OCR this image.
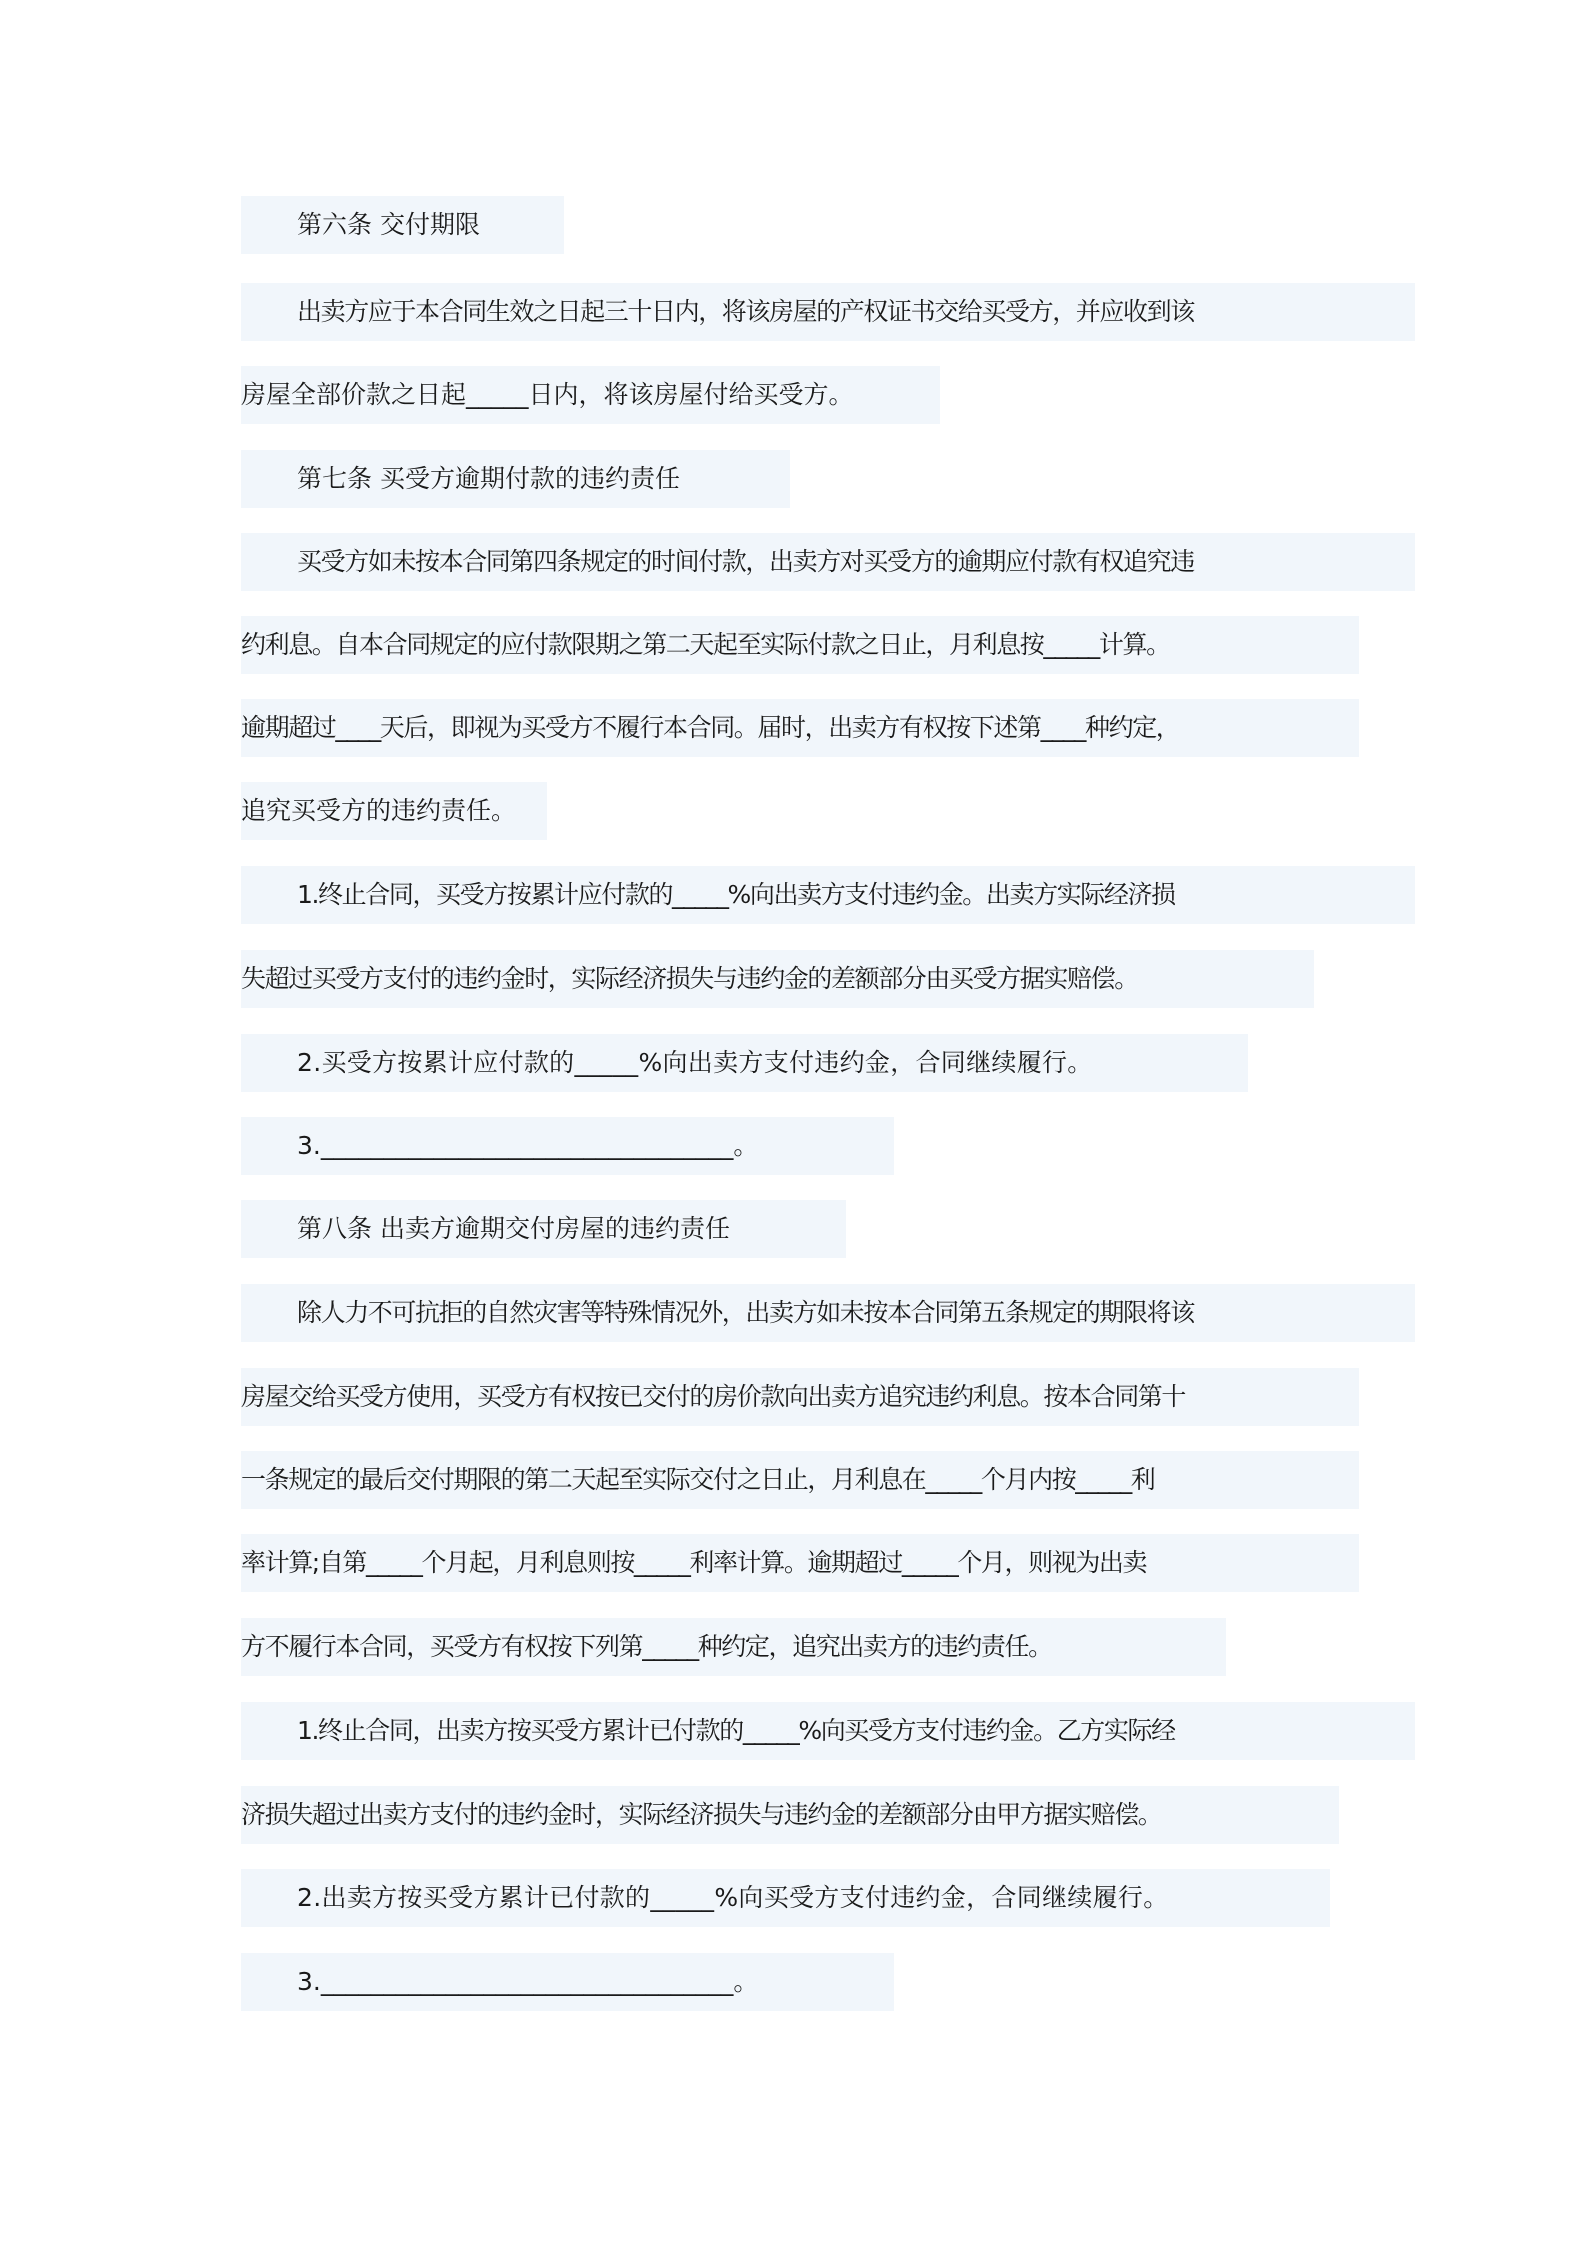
第六条 交付期限
出卖方应于本合同生效之日起三十日内，将该房屋的产权证书交给买受方，并应收到该
房屋全部价款之日起_____日内，将该房屋付给买受方。
第七条 买受方逾期付款的违约责任
买受方如未按本合同第四条规定的时间付款，出卖方对买受方的逾期应付款有权追究违
约利息。自本合同规定的应付款限期之第二天起至实际付款之日止，月利息按_____计算。
逾期超过____天后，即视为买受方不履行本合同。届时，出卖方有权按下述第____种约定，
追究买受方的违约责任。
1.终止合同，买受方按累计应付款的_____%向出卖方支付违约金。出卖方实际经济损
失超过买受方支付的违约金时，实际经济损失与违约金的差额部分由买受方据实赔偿。
2.买受方按累计应付款的_____%向出卖方支付违约金，合同继续履行。
3._________________________________。
第八条 出卖方逾期交付房屋的违约责任
除人力不可抗拒的自然灾害等特殊情况外，出卖方如未按本合同第五条规定的期限将该
房屋交给买受方使用，买受方有权按已交付的房价款向出卖方追究违约利息。按本合同第十
一条规定的最后交付期限的第二天起至实际交付之日止，月利息在_____个月内按_____利
率计算;自第_____个月起，月利息则按_____利率计算。逾期超过_____个月，则视为出卖
方不履行本合同，买受方有权按下列第_____种约定，追究出卖方的违约责任。
1.终止合同，出卖方按买受方累计已付款的_____%向买受方支付违约金。乙方实际经
济损失超过出卖方支付的违约金时，实际经济损失与违约金的差额部分由甲方据实赔偿。
2.出卖方按买受方累计已付款的_____%向买受方支付违约金，合同继续履行。
3._________________________________。
